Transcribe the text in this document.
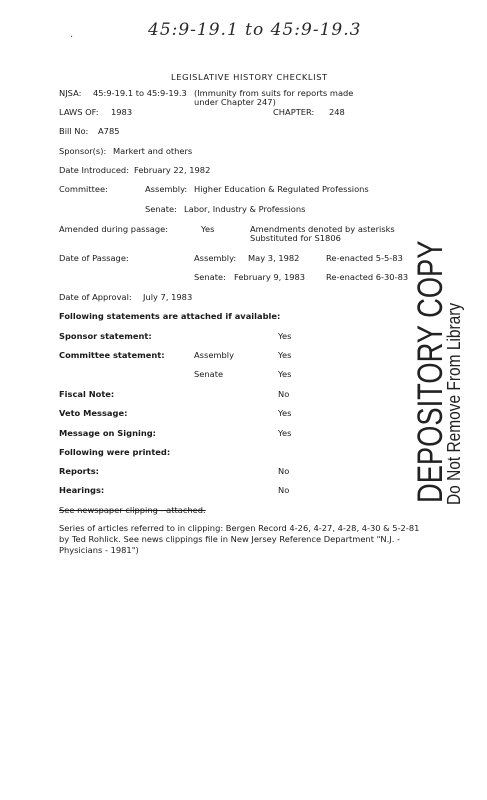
.	45:9-19.1 to 45:9-19.3
LEGISLATIVE HISTORY CHECKLIST
NJSA: 45:9-19.1 to 45:9-19.3 (Immunity from suits for reports made
under Chapter 247)
LAWS OF: 1983	CHAPTER: 248
Bill No: A785
Sponsor(s): Markert and others
Date Introduced: February 22, 1982
Committee:	Assembly: Higher Education & Regulated Professions
Senate: Labor, Industry & Professions
Amended during passage:	Yes	Amendments denoted by asterisks
Substituted for S1806
Date of Passage:	Assembly: May 3, 1982	Re-enacted 5-5-83
Senate: February 9, 1983	Re-enacted 6-30-83
Date of Approval: July 7, 1983
Following statements are attached if available:
Sponsor statement:	Yes
Committee statement:	Assembly	Yes
Senate	Yes
Fiscal Note:	No
Veto Message:	Yes
Message on Signing:	Yes
Following were printed:
Reports:	No
Hearings:	No
See newspaper clipping - attached.
Series of articles referred to in clipping: Bergen Record 4-26, 4-27, 4-28, 4-30 & 5-2-81
by Ted Rohlick. See news clippings file in New Jersey Reference Department "N.J. -
Physicians - 1981")
DEPOSITORY COPY
Do Not Remove From Library
